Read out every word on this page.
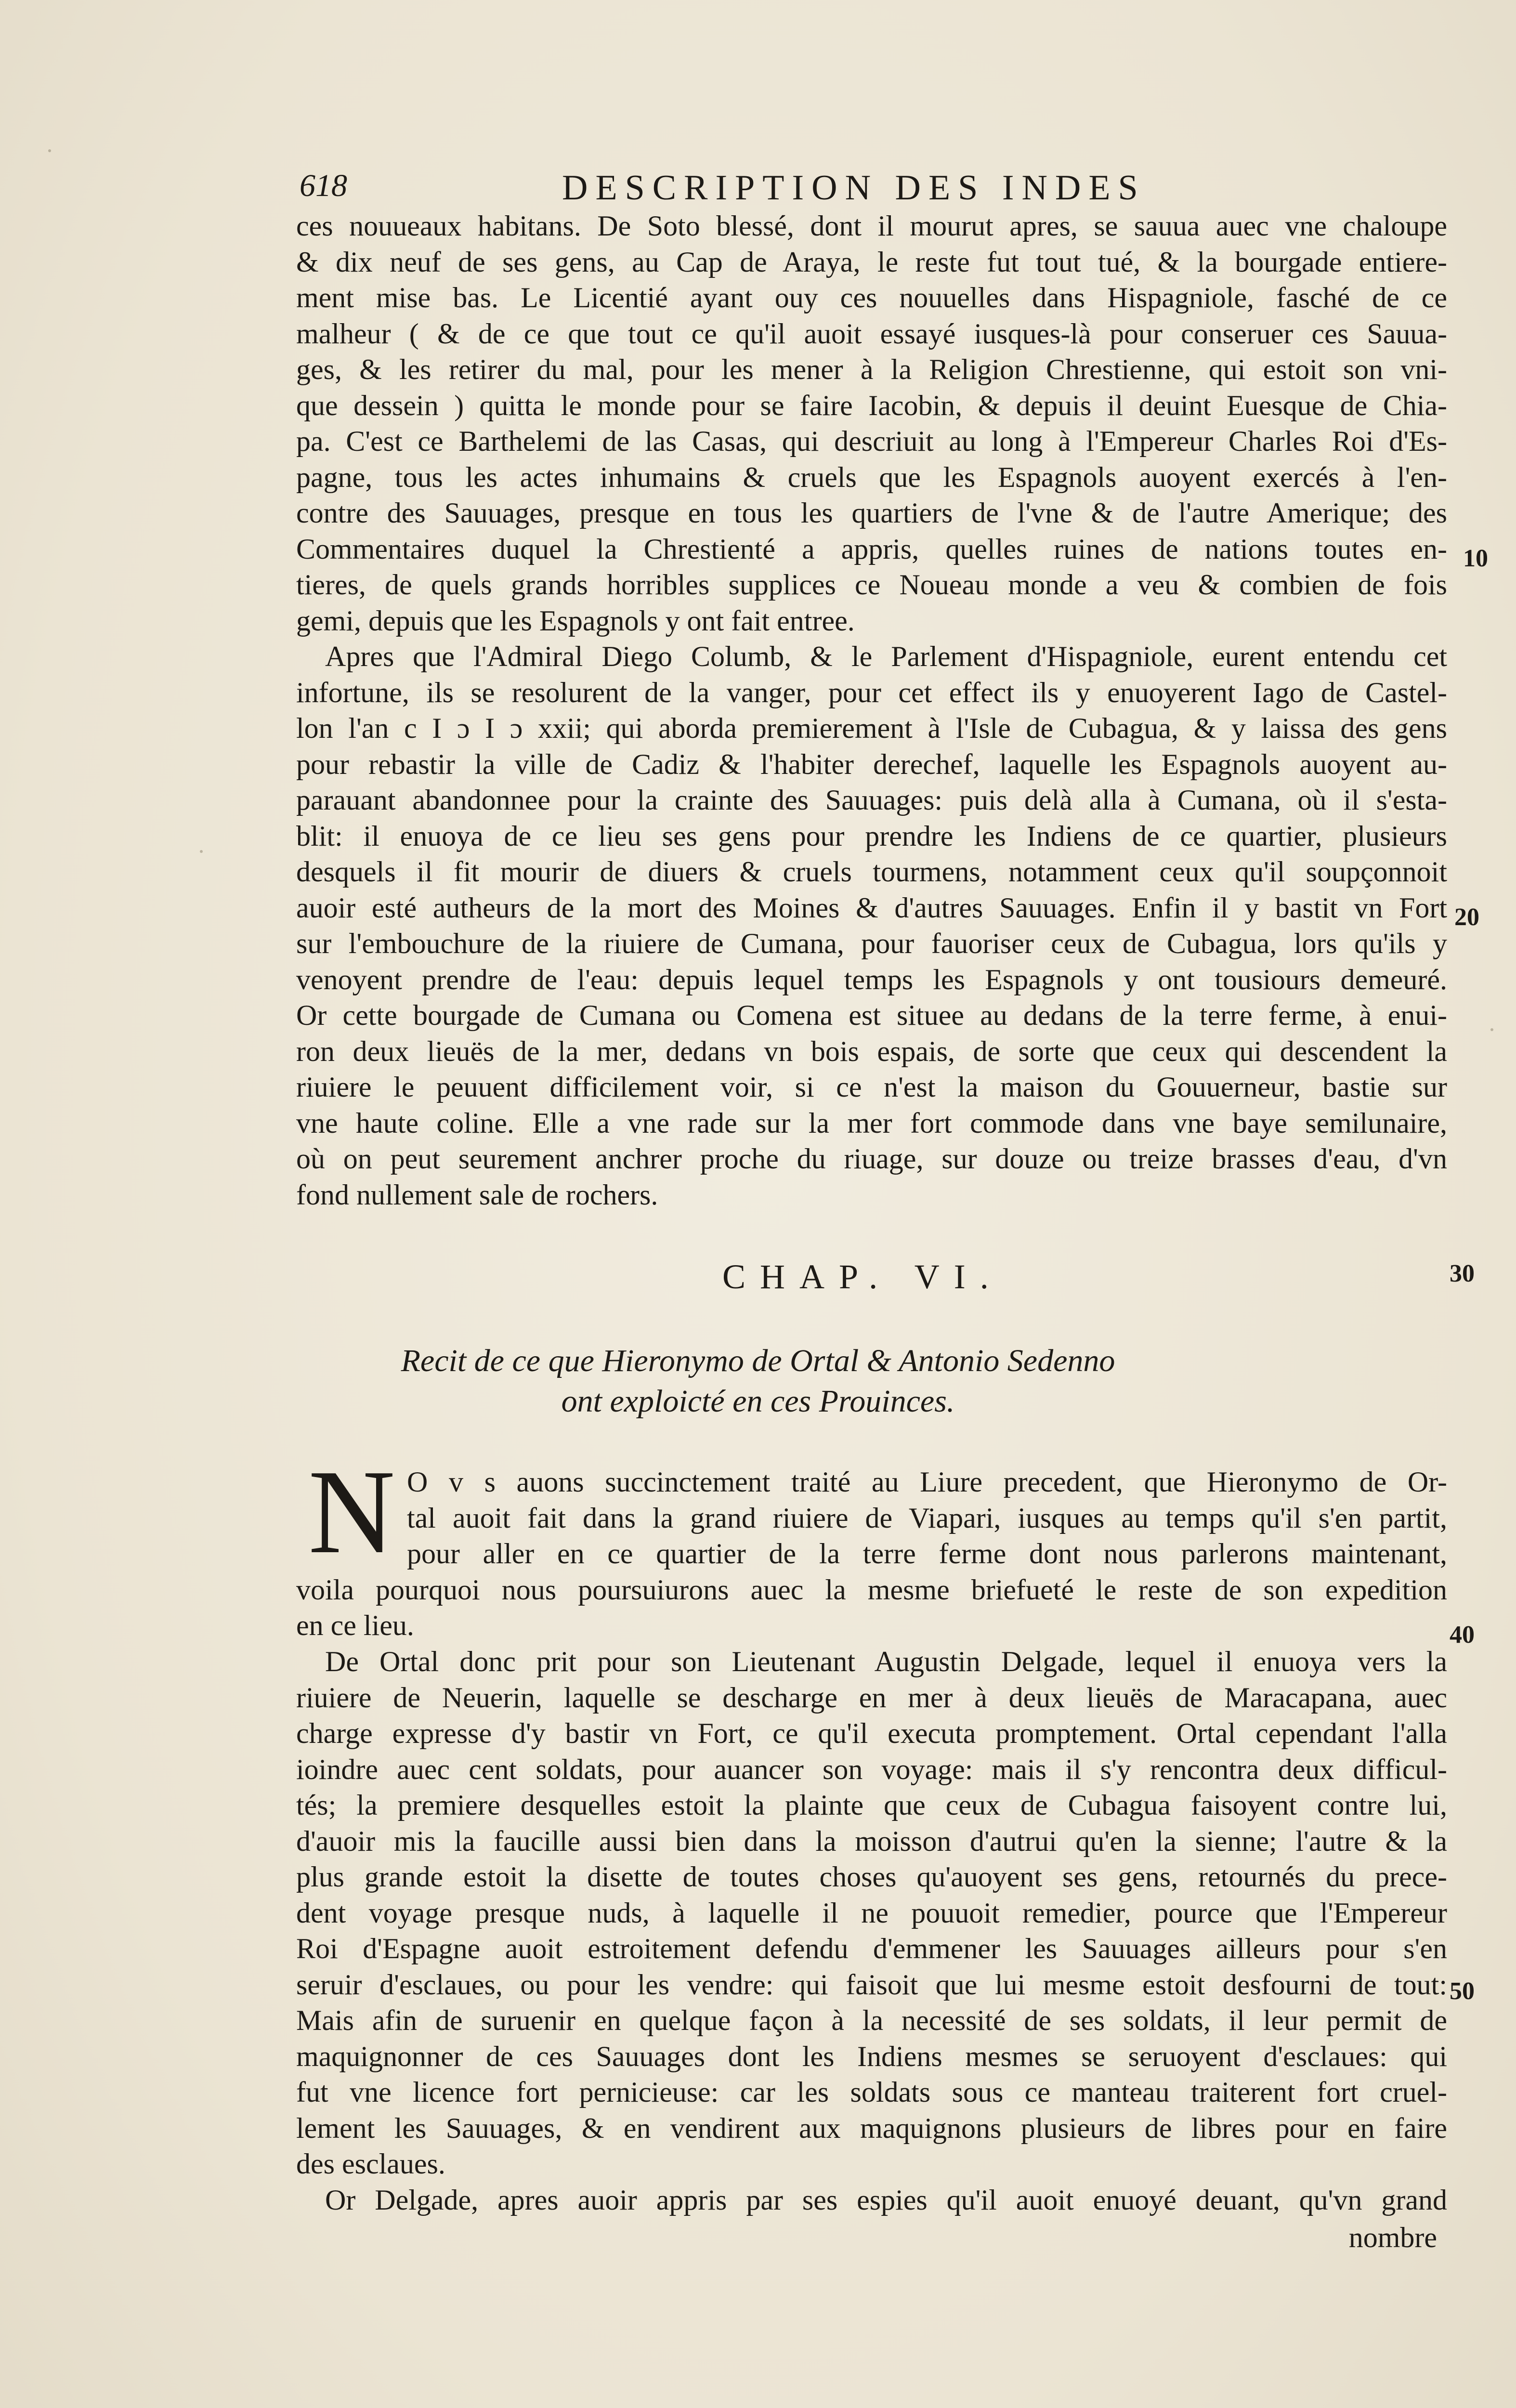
618	DESCRIPTION DES INDES
ces nouueaux habitans. De Soto blessé, dont il mourut apres, se sauua auec vne chaloupe
& dix neuf de ses gens, au Cap de Araya, le reste fut tout tué, & la bourgade entiere-
ment mise bas. Le Licentié ayant ouy ces nouuelles dans Hispagniole, fasché de ce
malheur ( & de ce que tout ce qu'il auoit essayé iusques-là pour conseruer ces Sauua-
ges, & les retirer du mal, pour les mener à la Religion Chrestienne, qui estoit son vni-
que dessein ) quitta le monde pour se faire Iacobin, & depuis il deuint Euesque de Chia-
pa. C'est ce Barthelemi de las Casas, qui descriuit au long à l'Empereur Charles Roi d'Es-
pagne, tous les actes inhumains & cruels que les Espagnols auoyent exercés à l'en-
contre des Sauuages, presque en tous les quartiers de l'vne & de l'autre Amerique; des
Commentaires duquel la Chrestienté a appris, quelles ruines de nations toutes en-
tieres, de quels grands horribles supplices ce Noueau monde a veu & combien de fois
gemi, depuis que les Espagnols y ont fait entree.
Apres que l'Admiral Diego Columb, & le Parlement d'Hispagniole, eurent entendu cet
infortune, ils se resolurent de la vanger, pour cet effect ils y enuoyerent Iago de Castel-
lon l'an c I ɔ I ɔ xxii; qui aborda premierement à l'Isle de Cubagua, & y laissa des gens
pour rebastir la ville de Cadiz & l'habiter derechef, laquelle les Espagnols auoyent au-
parauant abandonnee pour la crainte des Sauuages: puis delà alla à Cumana, où il s'esta-
blit: il enuoya de ce lieu ses gens pour prendre les Indiens de ce quartier, plusieurs
desquels il fit mourir de diuers & cruels tourmens, notamment ceux qu'il soupçonnoit
auoir esté autheurs de la mort des Moines & d'autres Sauuages. Enfin il y bastit vn Fort
sur l'embouchure de la riuiere de Cumana, pour fauoriser ceux de Cubagua, lors qu'ils y
venoyent prendre de l'eau: depuis lequel temps les Espagnols y ont tousiours demeuré.
Or cette bourgade de Cumana ou Comena est situee au dedans de la terre ferme, à enui-
ron deux lieuës de la mer, dedans vn bois espais, de sorte que ceux qui descendent la
riuiere le peuuent difficilement voir, si ce n'est la maison du Gouuerneur, bastie sur
vne haute coline. Elle a vne rade sur la mer fort commode dans vne baye semilunaire,
où on peut seurement anchrer proche du riuage, sur douze ou treize brasses d'eau, d'vn
fond nullement sale de rochers.
CHAP. VI.
Recit de ce que Hieronymo de Ortal & Antonio Sedenno
ont exploicté en ces Prouinces.
N O v s auons succinctement traité au Liure precedent, que Hieronymo de Or-
tal auoit fait dans la grand riuiere de Viapari, iusques au temps qu'il s'en partit,
pour aller en ce quartier de la terre ferme dont nous parlerons maintenant,
voila pourquoi nous poursuiurons auec la mesme briefueté le reste de son expedition
en ce lieu.
De Ortal donc prit pour son Lieutenant Augustin Delgade, lequel il enuoya vers la
riuiere de Neuerin, laquelle se descharge en mer à deux lieuës de Maracapana, auec
charge expresse d'y bastir vn Fort, ce qu'il executa promptement. Ortal cependant l'alla
ioindre auec cent soldats, pour auancer son voyage: mais il s'y rencontra deux difficul-
tés; la premiere desquelles estoit la plainte que ceux de Cubagua faisoyent contre lui,
d'auoir mis la faucille aussi bien dans la moisson d'autrui qu'en la sienne; l'autre & la
plus grande estoit la disette de toutes choses qu'auoyent ses gens, retournés du prece-
dent voyage presque nuds, à laquelle il ne pouuoit remedier, pource que l'Empereur
Roi d'Espagne auoit estroitement defendu d'emmener les Sauuages ailleurs pour s'en
seruir d'esclaues, ou pour les vendre: qui faisoit que lui mesme estoit desfourni de tout:
Mais afin de suruenir en quelque façon à la necessité de ses soldats, il leur permit de
maquignonner de ces Sauuages dont les Indiens mesmes se seruoyent d'esclaues: qui
fut vne licence fort pernicieuse: car les soldats sous ce manteau traiterent fort cruel-
lement les Sauuages, & en vendirent aux maquignons plusieurs de libres pour en faire
des esclaues.
Or Delgade, apres auoir appris par ses espies qu'il auoit enuoyé deuant, qu'vn grand
nombre
10
20
30
40
50
